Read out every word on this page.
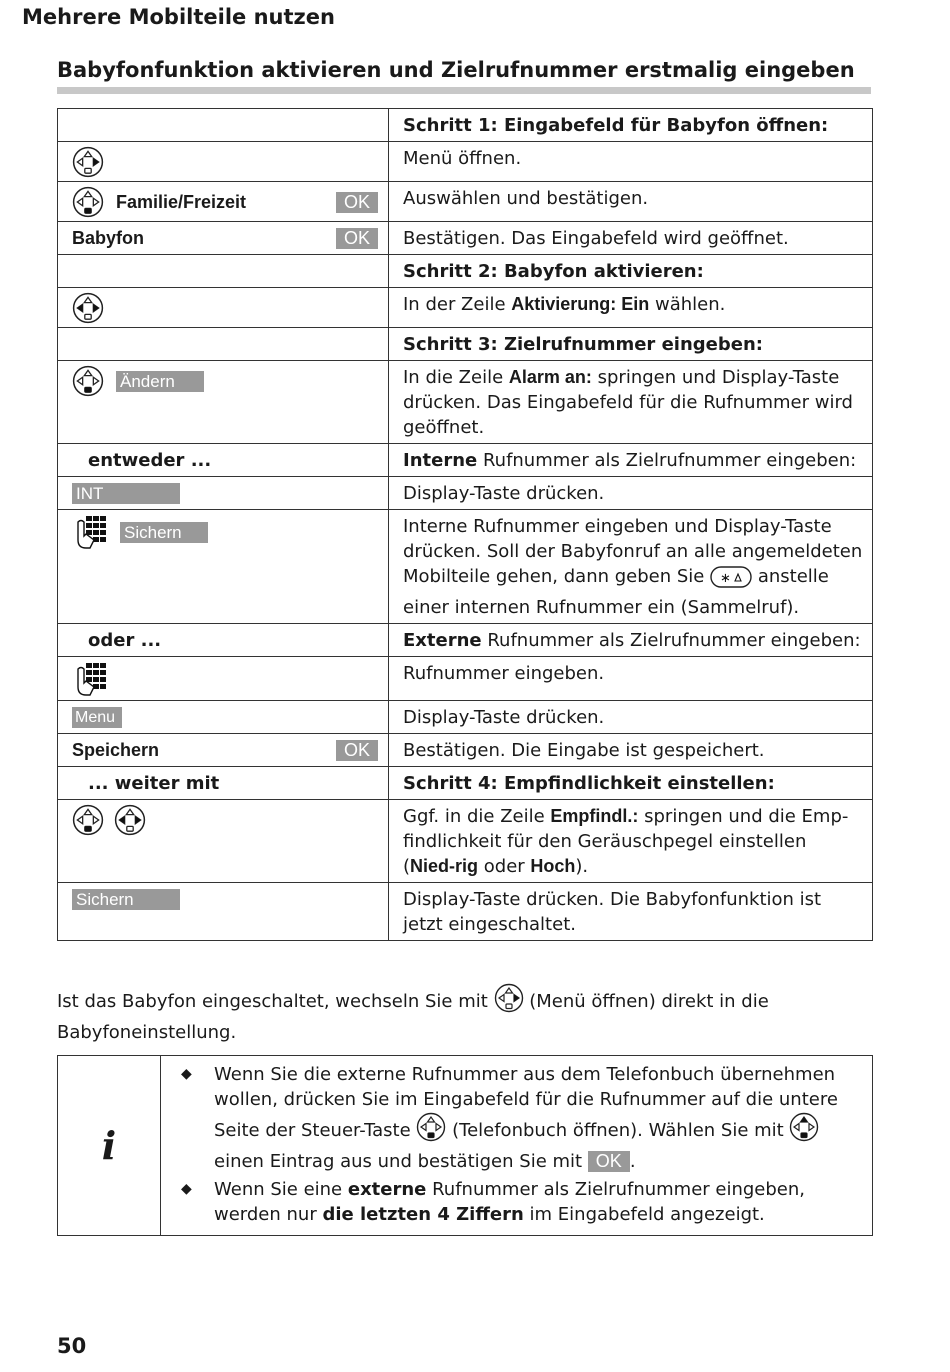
Mehrere Mobilteile nutzen
Babyfonfunktion aktivieren und Zielrufnummer erstmalig eingeben
	Schritt 1: Eingabefeld für Babyfon öffnen:

	Menü öffnen.

Familie/Freizeit OK	Auswählen und bestätigen.

Babyfon OK	Bestätigen. Das Eingabefeld wird geöffnet.
	Schritt 2: Babyfon aktivieren:

	In der Zeile Aktivierung: Ein wählen.
	Schritt 3: Zielrufnummer eingeben:

Ändern	In die Zeile Alarm an: springen und Display-Taste drücken. Das Eingabefeld für die Rufnummer wird geöffnet.
entweder ...	Interne Rufnummer als Zielrufnummer eingeben:

INT	Display-Taste drücken.

Sichern	Interne Rufnummer eingeben und Display-Taste drücken. Soll der Babyfonruf an alle angemeldeten Mobilteile gehen, dann geben Sie ∗ anstelle einer internen Rufnummer ein (Sammelruf).
oder ...	Externe Rufnummer als Zielrufnummer eingeben:

	Rufnummer eingeben.

Menu	Display-Taste drücken.

Speichern OK	Bestätigen. Die Eingabe ist gespeichert.
... weiter mit	Schritt 4: Empfindlichkeit einstellen:

	Ggf. in die Zeile Empfindl.: springen und die Emp-findlichkeit für den Geräuschpegel einstellen (Nied-rig oder Hoch).

Sichern	Display-Taste drücken. Die Babyfonfunktion ist jetzt eingeschaltet.
Ist das Babyfon eingeschaltet, wechseln Sie mit  (Menü öffnen) direkt in die Babyfoneinstellung.
i	
◆	Wenn Sie die externe Rufnummer aus dem Telefonbuch übernehmen wollen, drücken Sie im Eingabefeld für die Rufnummer auf die untere Seite der Steuer-Taste  (Telefonbuch öffnen). Wählen Sie mit  einen Eintrag aus und bestätigen Sie mit OK .
◆	Wenn Sie eine externe Rufnummer als Zielrufnummer eingeben, werden nur die letzten 4 Ziffern im Eingabefeld angezeigt.
50
